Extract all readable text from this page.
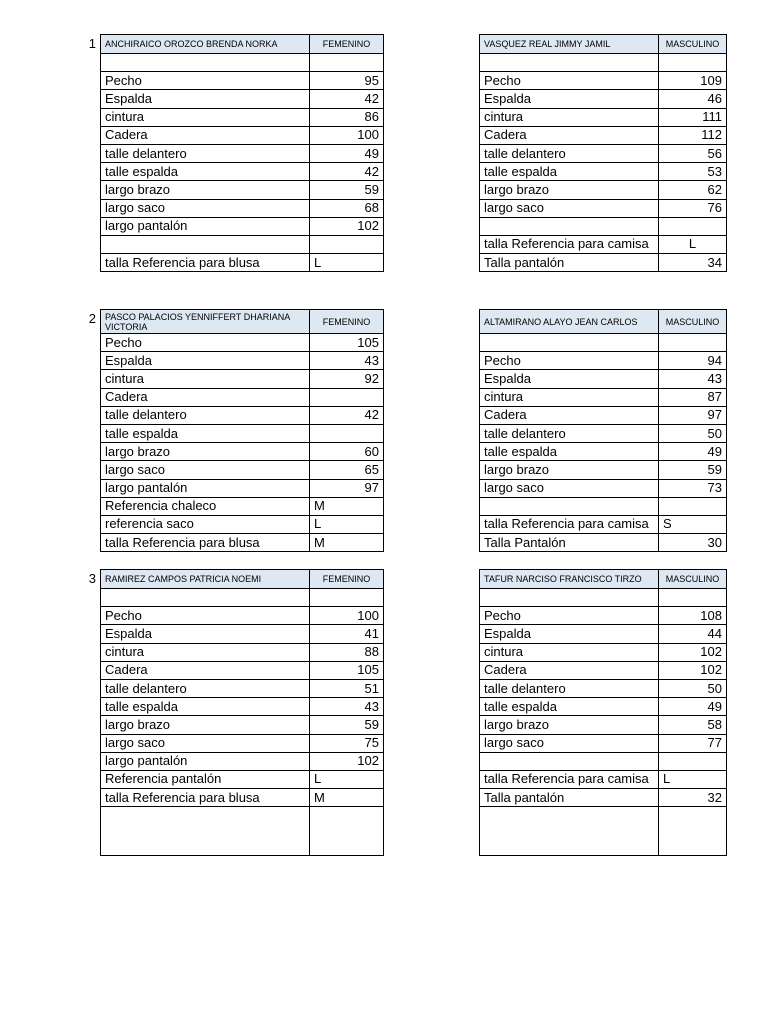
1 ANCHIRAICO OROZCO BRENDA NORKA	FEMENINO

Pecho	95
Espalda	42
cintura	86
Cadera	100
talle delantero	49
talle espalda	42
largo brazo	59
largo saco	68
largo pantalón	102

talla Referencia para blusa	L
VASQUEZ REAL JIMMY JAMIL	MASCULINO

Pecho	109
Espalda	46
cintura	111
Cadera	112
talle delantero	56
talle espalda	53
largo brazo	62
largo saco	76

talla Referencia para camisa	L
Talla pantalón	34
2 PASCO PALACIOS YENNIFFERT DHARIANA VICTORIA	FEMENINO
Pecho	105
Espalda	43
cintura	92
Cadera	
talle delantero	42
talle espalda	
largo brazo	60
largo saco	65
largo pantalón	97
Referencia chaleco	M
referencia saco	L
talla Referencia para blusa	M
ALTAMIRANO ALAYO JEAN CARLOS	MASCULINO

Pecho	94
Espalda	43
cintura	87
Cadera	97
talle delantero	50
talle espalda	49
largo brazo	59
largo saco	73

talla Referencia para camisa	S
Talla Pantalón	30
3 RAMIREZ CAMPOS PATRICIA NOEMI	FEMENINO

Pecho	100
Espalda	41
cintura	88
Cadera	105
talle delantero	51
talle espalda	43
largo brazo	59
largo saco	75
largo pantalón	102
Referencia pantalón	L
talla Referencia para blusa	M

TAFUR NARCISO FRANCISCO TIRZO	MASCULINO

Pecho	108
Espalda	44
cintura	102
Cadera	102
talle delantero	50
talle espalda	49
largo brazo	58
largo saco	77

talla Referencia para camisa	L
Talla pantalón	32
